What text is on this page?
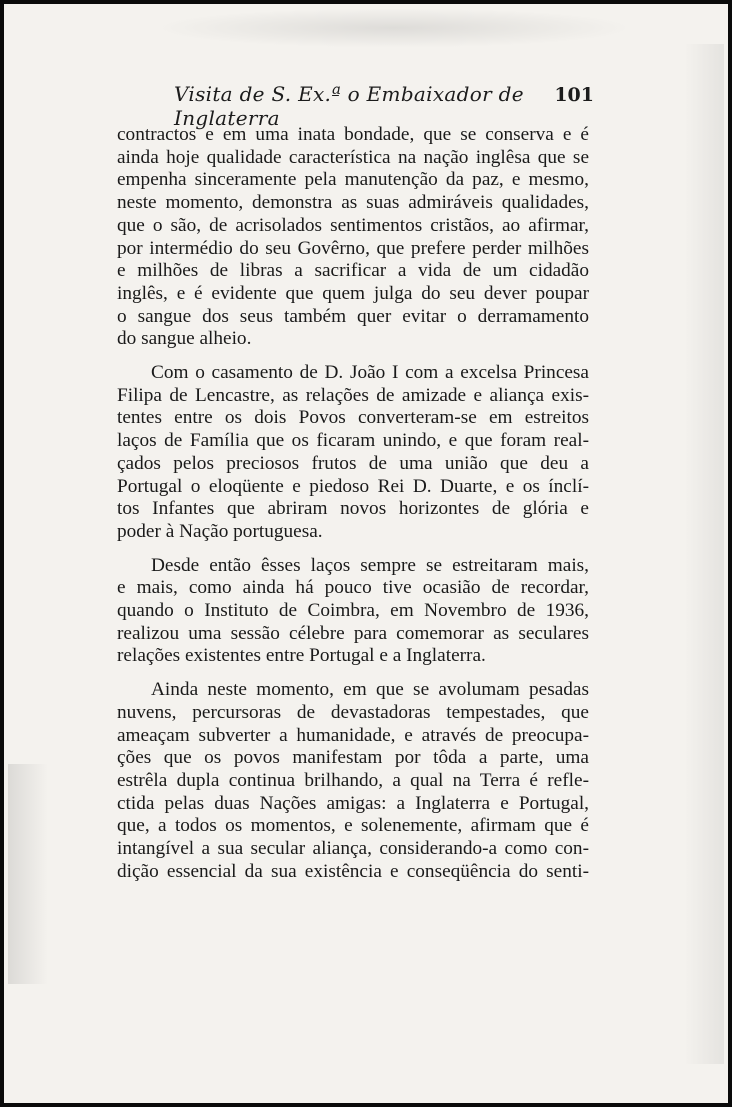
Visita de S. Ex.ª o Embaixador de Inglaterra
101
contractos e em uma inata bondade, que se conserva e é
ainda hoje qualidade característica na nação inglêsa que se
empenha sinceramente pela manutenção da paz, e mesmo,
neste momento, demonstra as suas admiráveis qualidades,
que o são, de acrisolados sentimentos cristãos, ao afirmar,
por intermédio do seu Govêrno, que prefere perder milhões
e milhões de libras a sacrificar a vida de um cidadão
inglês, e é evidente que quem julga do seu dever poupar
o sangue dos seus também quer evitar o derramamento
do sangue alheio.
Com o casamento de D. João I com a excelsa Princesa
Filipa de Lencastre, as relações de amizade e aliança exis-
tentes entre os dois Povos converteram-se em estreitos
laços de Família que os ficaram unindo, e que foram real-
çados pelos preciosos frutos de uma união que deu a
Portugal o eloqüente e piedoso Rei D. Duarte, e os ínclí-
tos Infantes que abriram novos horizontes de glória e
poder à Nação portuguesa.
Desde então êsses laços sempre se estreitaram mais,
e mais, como ainda há pouco tive ocasião de recordar,
quando o Instituto de Coimbra, em Novembro de 1936,
realizou uma sessão célebre para comemorar as seculares
relações existentes entre Portugal e a Inglaterra.
Ainda neste momento, em que se avolumam pesadas
nuvens, percursoras de devastadoras tempestades, que
ameaçam subverter a humanidade, e através de preocupa-
ções que os povos manifestam por tôda a parte, uma
estrêla dupla continua brilhando, a qual na Terra é refle-
ctida pelas duas Nações amigas: a Inglaterra e Portugal,
que, a todos os momentos, e solenemente, afirmam que é
intangível a sua secular aliança, considerando-a como con-
dição essencial da sua existência e conseqüência do senti-
